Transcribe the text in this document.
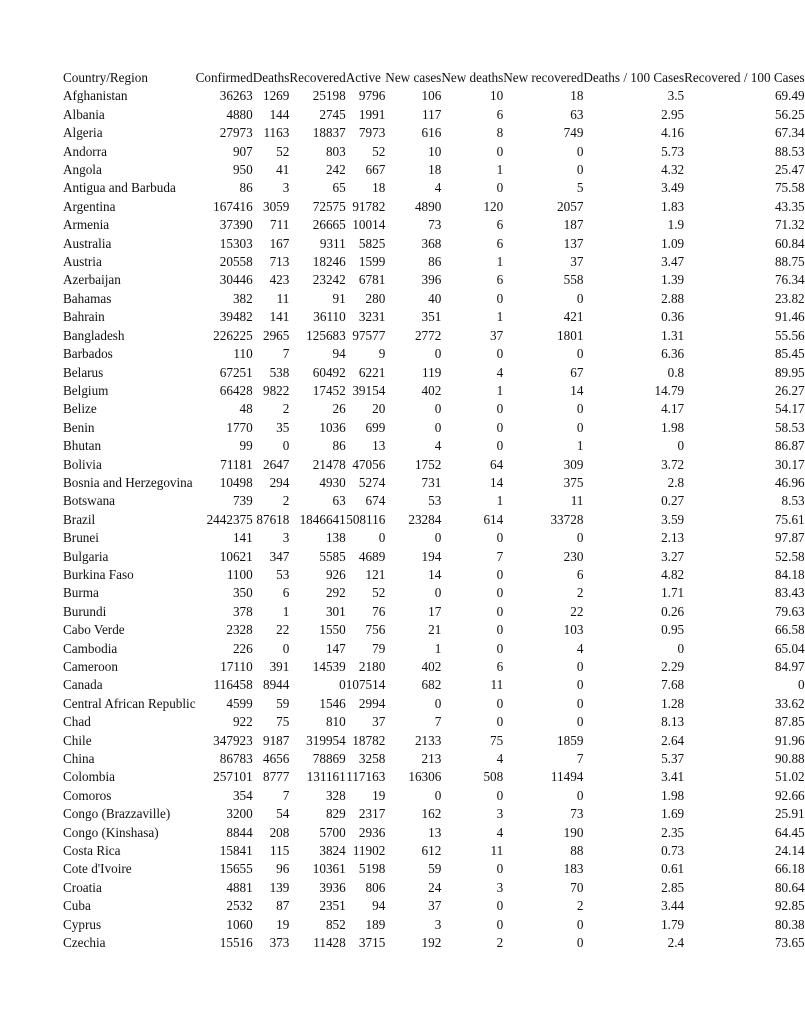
Country/Region	Confirmed	Deaths	Recovered	Active	New cases	New deaths	New recovered	Deaths / 100 Cases	Recovered / 100 Cases
Afghanistan	36263	1269	25198	9796	106	10	18	3.5	69.49
Albania	4880	144	2745	1991	117	6	63	2.95	56.25
Algeria	27973	1163	18837	7973	616	8	749	4.16	67.34
Andorra	907	52	803	52	10	0	0	5.73	88.53
Angola	950	41	242	667	18	1	0	4.32	25.47
Antigua and Barbuda	86	3	65	18	4	0	5	3.49	75.58
Argentina	167416	3059	72575	91782	4890	120	2057	1.83	43.35
Armenia	37390	711	26665	10014	73	6	187	1.9	71.32
Australia	15303	167	9311	5825	368	6	137	1.09	60.84
Austria	20558	713	18246	1599	86	1	37	3.47	88.75
Azerbaijan	30446	423	23242	6781	396	6	558	1.39	76.34
Bahamas	382	11	91	280	40	0	0	2.88	23.82
Bahrain	39482	141	36110	3231	351	1	421	0.36	91.46
Bangladesh	226225	2965	125683	97577	2772	37	1801	1.31	55.56
Barbados	110	7	94	9	0	0	0	6.36	85.45
Belarus	67251	538	60492	6221	119	4	67	0.8	89.95
Belgium	66428	9822	17452	39154	402	1	14	14.79	26.27
Belize	48	2	26	20	0	0	0	4.17	54.17
Benin	1770	35	1036	699	0	0	0	1.98	58.53
Bhutan	99	0	86	13	4	0	1	0	86.87
Bolivia	71181	2647	21478	47056	1752	64	309	3.72	30.17
Bosnia and Herzegovina	10498	294	4930	5274	731	14	375	2.8	46.96
Botswana	739	2	63	674	53	1	11	0.27	8.53
Brazil	2442375	87618	1846641	508116	23284	614	33728	3.59	75.61
Brunei	141	3	138	0	0	0	0	2.13	97.87
Bulgaria	10621	347	5585	4689	194	7	230	3.27	52.58
Burkina Faso	1100	53	926	121	14	0	6	4.82	84.18
Burma	350	6	292	52	0	0	2	1.71	83.43
Burundi	378	1	301	76	17	0	22	0.26	79.63
Cabo Verde	2328	22	1550	756	21	0	103	0.95	66.58
Cambodia	226	0	147	79	1	0	4	0	65.04
Cameroon	17110	391	14539	2180	402	6	0	2.29	84.97
Canada	116458	8944	0	107514	682	11	0	7.68	0
Central African Republic	4599	59	1546	2994	0	0	0	1.28	33.62
Chad	922	75	810	37	7	0	0	8.13	87.85
Chile	347923	9187	319954	18782	2133	75	1859	2.64	91.96
China	86783	4656	78869	3258	213	4	7	5.37	90.88
Colombia	257101	8777	131161	117163	16306	508	11494	3.41	51.02
Comoros	354	7	328	19	0	0	0	1.98	92.66
Congo (Brazzaville)	3200	54	829	2317	162	3	73	1.69	25.91
Congo (Kinshasa)	8844	208	5700	2936	13	4	190	2.35	64.45
Costa Rica	15841	115	3824	11902	612	11	88	0.73	24.14
Cote d'Ivoire	15655	96	10361	5198	59	0	183	0.61	66.18
Croatia	4881	139	3936	806	24	3	70	2.85	80.64
Cuba	2532	87	2351	94	37	0	2	3.44	92.85
Cyprus	1060	19	852	189	3	0	0	1.79	80.38
Czechia	15516	373	11428	3715	192	2	0	2.4	73.65
